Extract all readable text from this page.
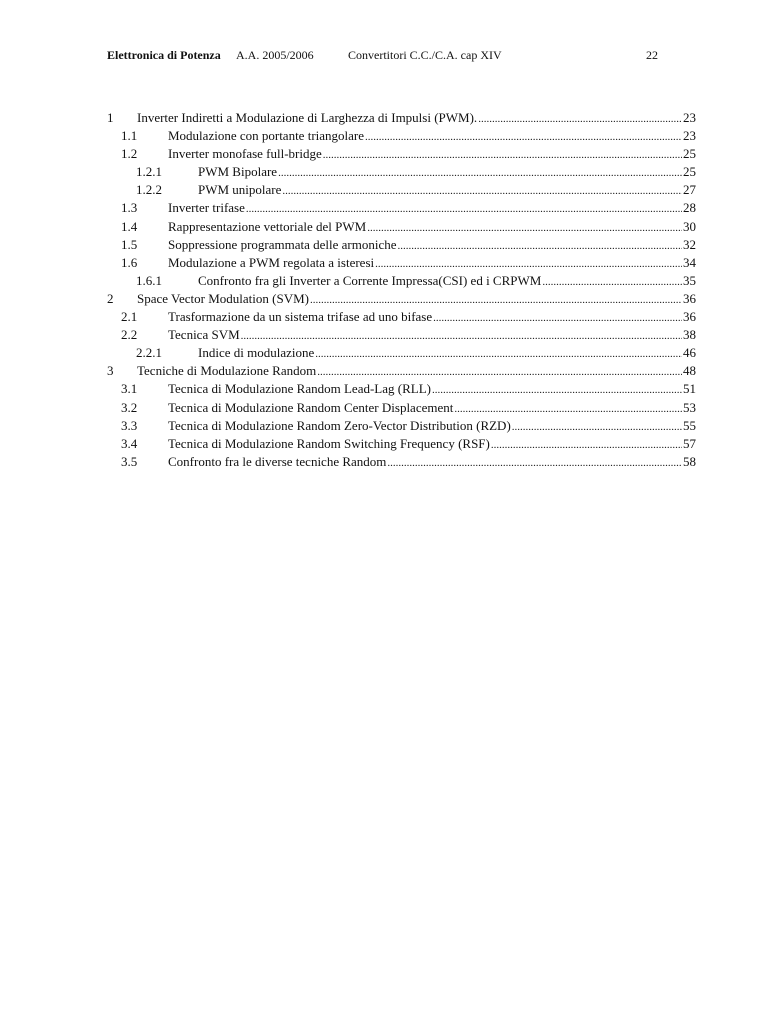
Elettronica di Potenza A.A. 2005/2006	Convertitori C.C./C.A. cap XIV	22
1 Inverter Indiretti a Modulazione di Larghezza di Impulsi (PWM). .....	23
1.1 Modulazione con portante triangolare .....	23
1.2 Inverter monofase full-bridge .....	25
1.2.1	PWM Bipolare .....	25
1.2.2	PWM unipolare .....	27
1.3 Inverter trifase .....	28
1.4 Rappresentazione vettoriale del PWM .....	30
1.5 Soppressione programmata delle armoniche .....	32
1.6 Modulazione a PWM regolata a isteresi .....	34
1.6.1	Confronto fra gli Inverter a Corrente Impressa(CSI) ed i CRPWM .....	35
2 Space Vector Modulation (SVM) .....	36
2.1 Trasformazione da un sistema trifase ad uno bifase .....	36
2.2 Tecnica SVM .....	38
2.2.1	Indice di modulazione .....	46
3 Tecniche di Modulazione Random .....	48
3.1 Tecnica di Modulazione Random Lead-Lag (RLL) .....	51
3.2 Tecnica di Modulazione Random Center Displacement .....	53
3.3 Tecnica di Modulazione Random Zero-Vector Distribution (RZD) .....	55
3.4 Tecnica di Modulazione Random Switching Frequency (RSF) .....	57
3.5 Confronto fra le diverse tecniche Random .....	58
